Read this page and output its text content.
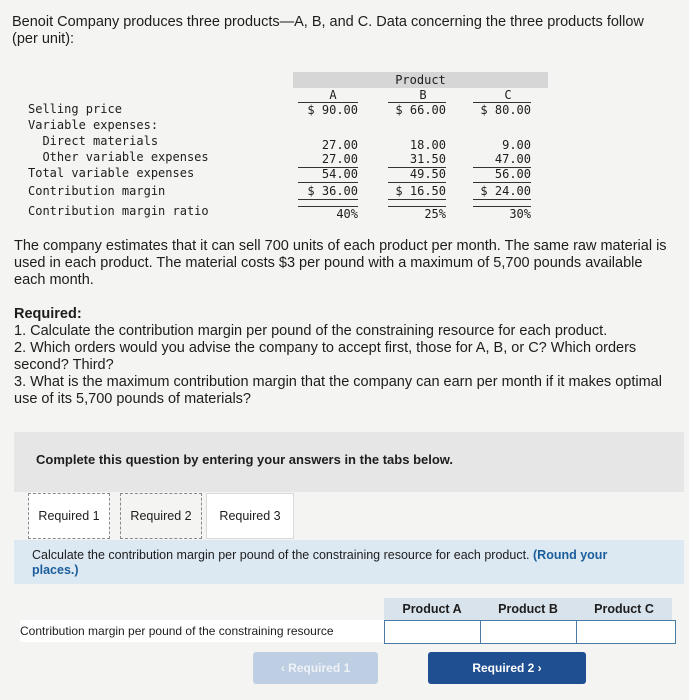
Benoit Company produces three products—A, B, and C. Data concerning the three products follow (per unit):
Product
A	B	C
Selling price	$ 90.00	$ 66.00	$ 80.00
Variable expenses:
Direct materials	27.00	18.00	9.00
Other variable expenses	27.00	31.50	47.00
Total variable expenses	54.00	49.50	56.00
Contribution margin	$ 36.00	$ 16.50	$ 24.00
Contribution margin ratio	40%	25%	30%
The company estimates that it can sell 700 units of each product per month. The same raw material is used in each product. The material costs $3 per pound with a maximum of 5,700 pounds available each month.
Required:
1. Calculate the contribution margin per pound of the constraining resource for each product.
2. Which orders would you advise the company to accept first, those for A, B, or C? Which orders second? Third?
3. What is the maximum contribution margin that the company can earn per month if it makes optimal use of its 5,700 pounds of materials?
Complete this question by entering your answers in the tabs below.
Required 1	Required 2	Required 3
Calculate the contribution margin per pound of the constraining resource for each product. (Round your
places.)
Product A	Product B	Product C
Contribution margin per pound of the constraining resource
‹ Required 1	Required 2 ›
